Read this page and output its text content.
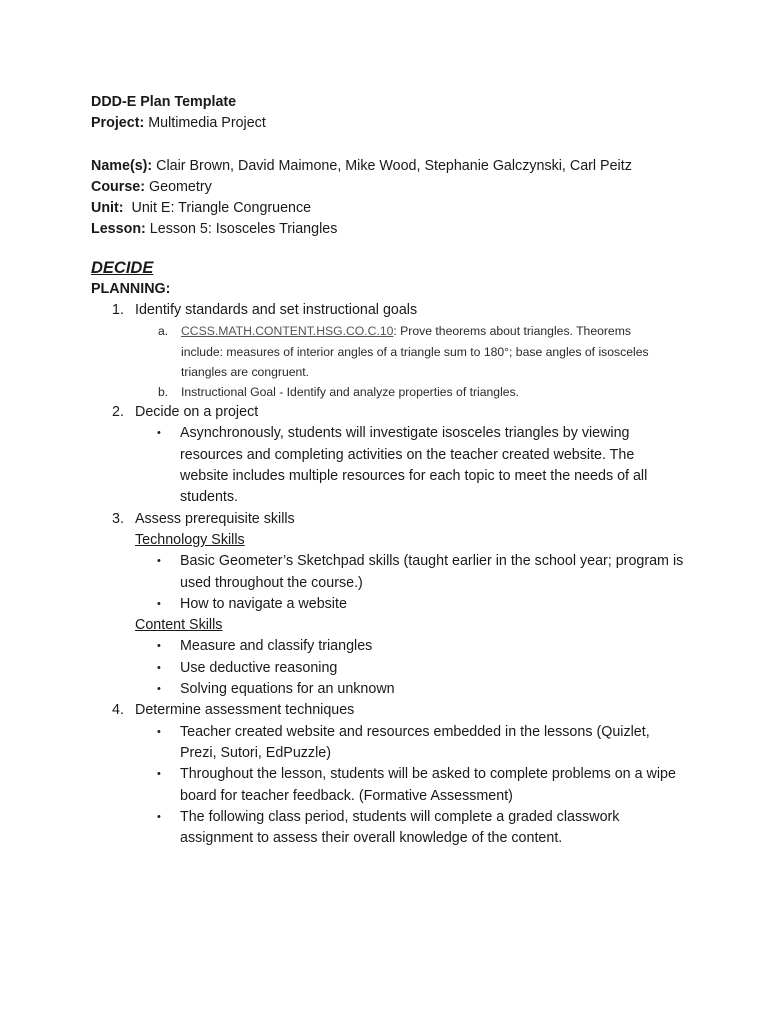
DDD-E Plan Template
Project: Multimedia Project
Name(s): Clair Brown, David Maimone, Mike Wood, Stephanie Galczynski, Carl Peitz
Course: Geometry
Unit:  Unit E: Triangle Congruence
Lesson: Lesson 5: Isosceles Triangles
DECIDE
PLANNING:
1. Identify standards and set instructional goals
a. CCSS.MATH.CONTENT.HSG.CO.C.10: Prove theorems about triangles. Theorems include: measures of interior angles of a triangle sum to 180°; base angles of isosceles triangles are congruent.
b. Instructional Goal - Identify and analyze properties of triangles.
2. Decide on a project
• Asynchronously, students will investigate isosceles triangles by viewing resources and completing activities on the teacher created website. The website includes multiple resources for each topic to meet the needs of all students.
3. Assess prerequisite skills
Technology Skills
• Basic Geometer’s Sketchpad skills (taught earlier in the school year; program is used throughout the course.)
• How to navigate a website
Content Skills
• Measure and classify triangles
• Use deductive reasoning
• Solving equations for an unknown
4. Determine assessment techniques
• Teacher created website and resources embedded in the lessons (Quizlet, Prezi, Sutori, EdPuzzle)
• Throughout the lesson, students will be asked to complete problems on a wipe board for teacher feedback. (Formative Assessment)
• The following class period, students will complete a graded classwork assignment to assess their overall knowledge of the content.
